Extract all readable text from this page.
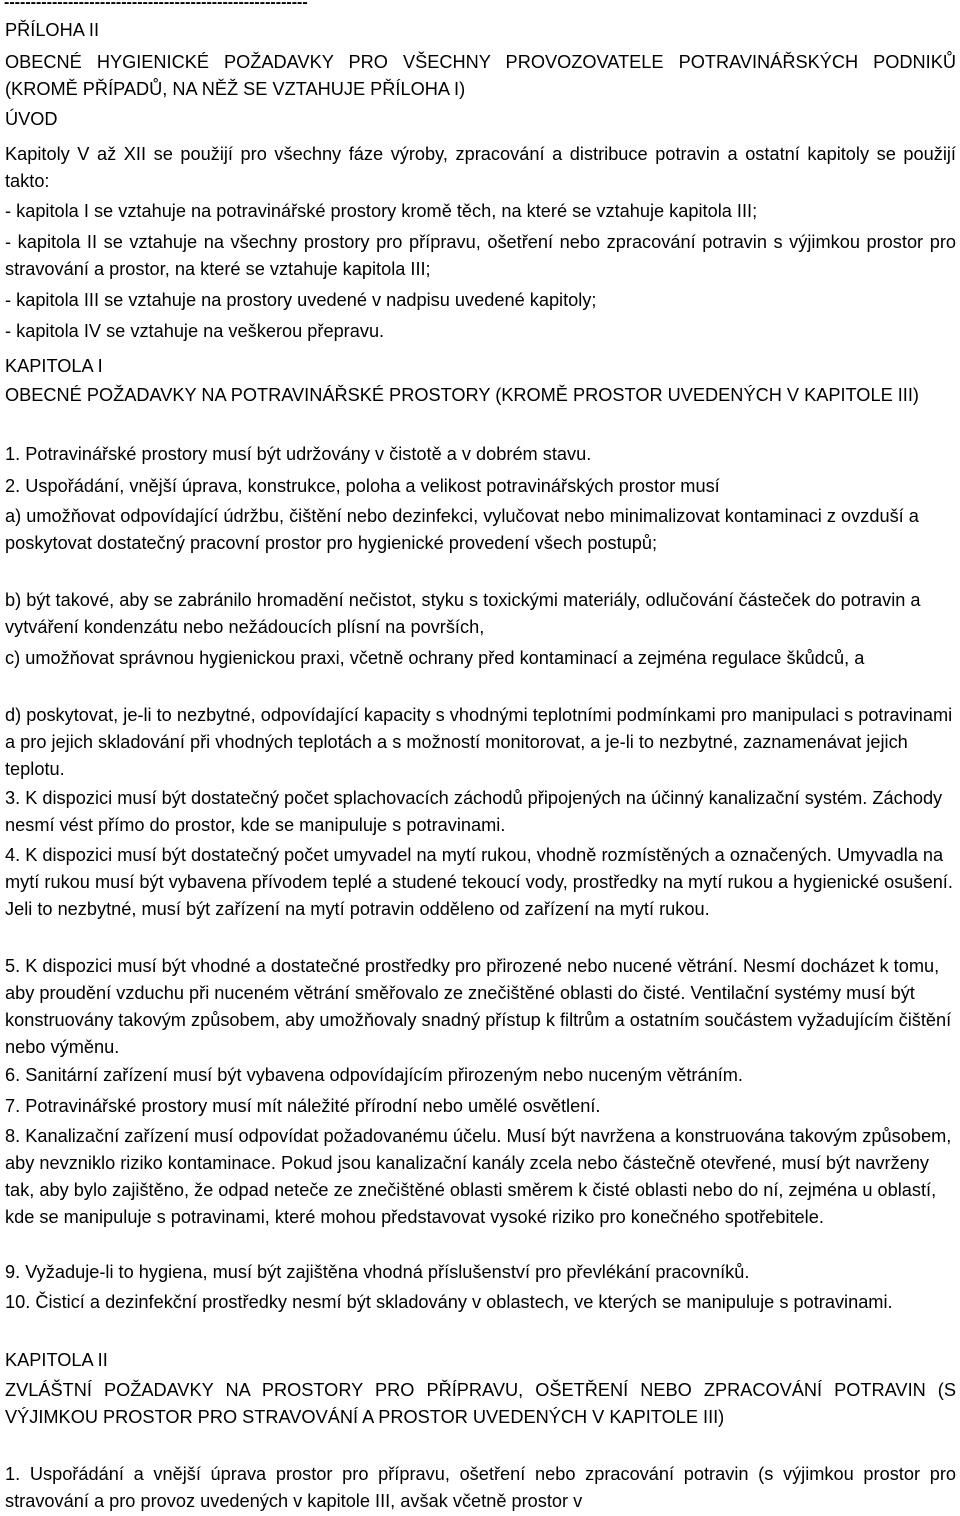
---------------------------------------------------------
PŘÍLOHA II
OBECNÉ HYGIENICKÉ POŽADAVKY PRO VŠECHNY PROVOZOVATELE POTRAVINÁŘSKÝCH PODNIKŮ (KROMĚ PŘÍPADŮ, NA NĚŽ SE VZTAHUJE PŘÍLOHA I)
ÚVOD
Kapitoly V až XII se použijí pro všechny fáze výroby, zpracování a distribuce potravin a ostatní kapitoly se použijí takto:
- kapitola I se vztahuje na potravinářské prostory kromě těch, na které se vztahuje kapitola III;
- kapitola II se vztahuje na všechny prostory pro přípravu, ošetření nebo zpracování potravin s výjimkou prostor pro stravování a prostor, na které se vztahuje kapitola III;
- kapitola III se vztahuje na prostory uvedené v nadpisu uvedené kapitoly;
- kapitola IV se vztahuje na veškerou přepravu.
KAPITOLA I
OBECNÉ POŽADAVKY NA POTRAVINÁŘSKÉ PROSTORY (KROMĚ PROSTOR UVEDENÝCH V KAPITOLE III)
1. Potravinářské prostory musí být udržovány v čistotě a v dobrém stavu.
2. Uspořádání, vnější úprava, konstrukce, poloha a velikost potravinářských prostor musí
a) umožňovat odpovídající údržbu, čištění nebo dezinfekci, vylučovat nebo minimalizovat kontaminaci z ovzduší a poskytovat dostatečný pracovní prostor pro hygienické provedení všech postupů;
b) být takové, aby se zabránilo hromadění nečistot, styku s toxickými materiály, odlučování částeček do potravin a vytváření kondenzátu nebo nežádoucích plísní na površích,
c) umožňovat správnou hygienickou praxi, včetně ochrany před kontaminací a zejména regulace škůdců, a
d) poskytovat, je-li to nezbytné, odpovídající kapacity s vhodnými teplotními podmínkami pro manipulaci s potravinami a pro jejich skladování při vhodných teplotách a s možností monitorovat, a je-li to nezbytné, zaznamenávat jejich teplotu.
3. K dispozici musí být dostatečný počet splachovacích záchodů připojených na účinný kanalizační systém. Záchody nesmí vést přímo do prostor, kde se manipuluje s potravinami.
4. K dispozici musí být dostatečný počet umyvadel na mytí rukou, vhodně rozmístěných a označených. Umyvadla na mytí rukou musí být vybavena přívodem teplé a studené tekoucí vody, prostředky na mytí rukou a hygienické osušení. Jeli to nezbytné, musí být zařízení na mytí potravin odděleno od zařízení na mytí rukou.
5. K dispozici musí být vhodné a dostatečné prostředky pro přirozené nebo nucené větrání. Nesmí docházet k tomu, aby proudění vzduchu při nuceném větrání směřovalo ze znečištěné oblasti do čisté. Ventilační systémy musí být konstruovány takovým způsobem, aby umožňovaly snadný přístup k filtrům a ostatním součástem vyžadujícím čištění nebo výměnu.
6. Sanitární zařízení musí být vybavena odpovídajícím přirozeným nebo nuceným větráním.
7. Potravinářské prostory musí mít náležité přírodní nebo umělé osvětlení.
8. Kanalizační zařízení musí odpovídat požadovanému účelu. Musí být navržena a konstruována takovým způsobem, aby nevzniklo riziko kontaminace. Pokud jsou kanalizační kanály zcela nebo částečně otevřené, musí být navrženy tak, aby bylo zajištěno, že odpad neteče ze znečištěné oblasti směrem k čisté oblasti nebo do ní, zejména u oblastí, kde se manipuluje s potravinami, které mohou představovat vysoké riziko pro konečného spotřebitele.
9. Vyžaduje-li to hygiena, musí být zajištěna vhodná příslušenství pro převlékání pracovníků.
10. Čisticí a dezinfekční prostředky nesmí být skladovány v oblastech, ve kterých se manipuluje s potravinami.
KAPITOLA II
ZVLÁŠTNÍ POŽADAVKY NA PROSTORY PRO PŘÍPRAVU, OŠETŘENÍ NEBO ZPRACOVÁNÍ POTRAVIN (S VÝJIMKOU PROSTOR PRO STRAVOVÁNÍ A PROSTOR UVEDENÝCH V KAPITOLE III)
1. Uspořádání a vnější úprava prostor pro přípravu, ošetření nebo zpracování potravin (s výjimkou prostor pro stravování a pro provoz uvedených v kapitole III, avšak včetně prostor v
